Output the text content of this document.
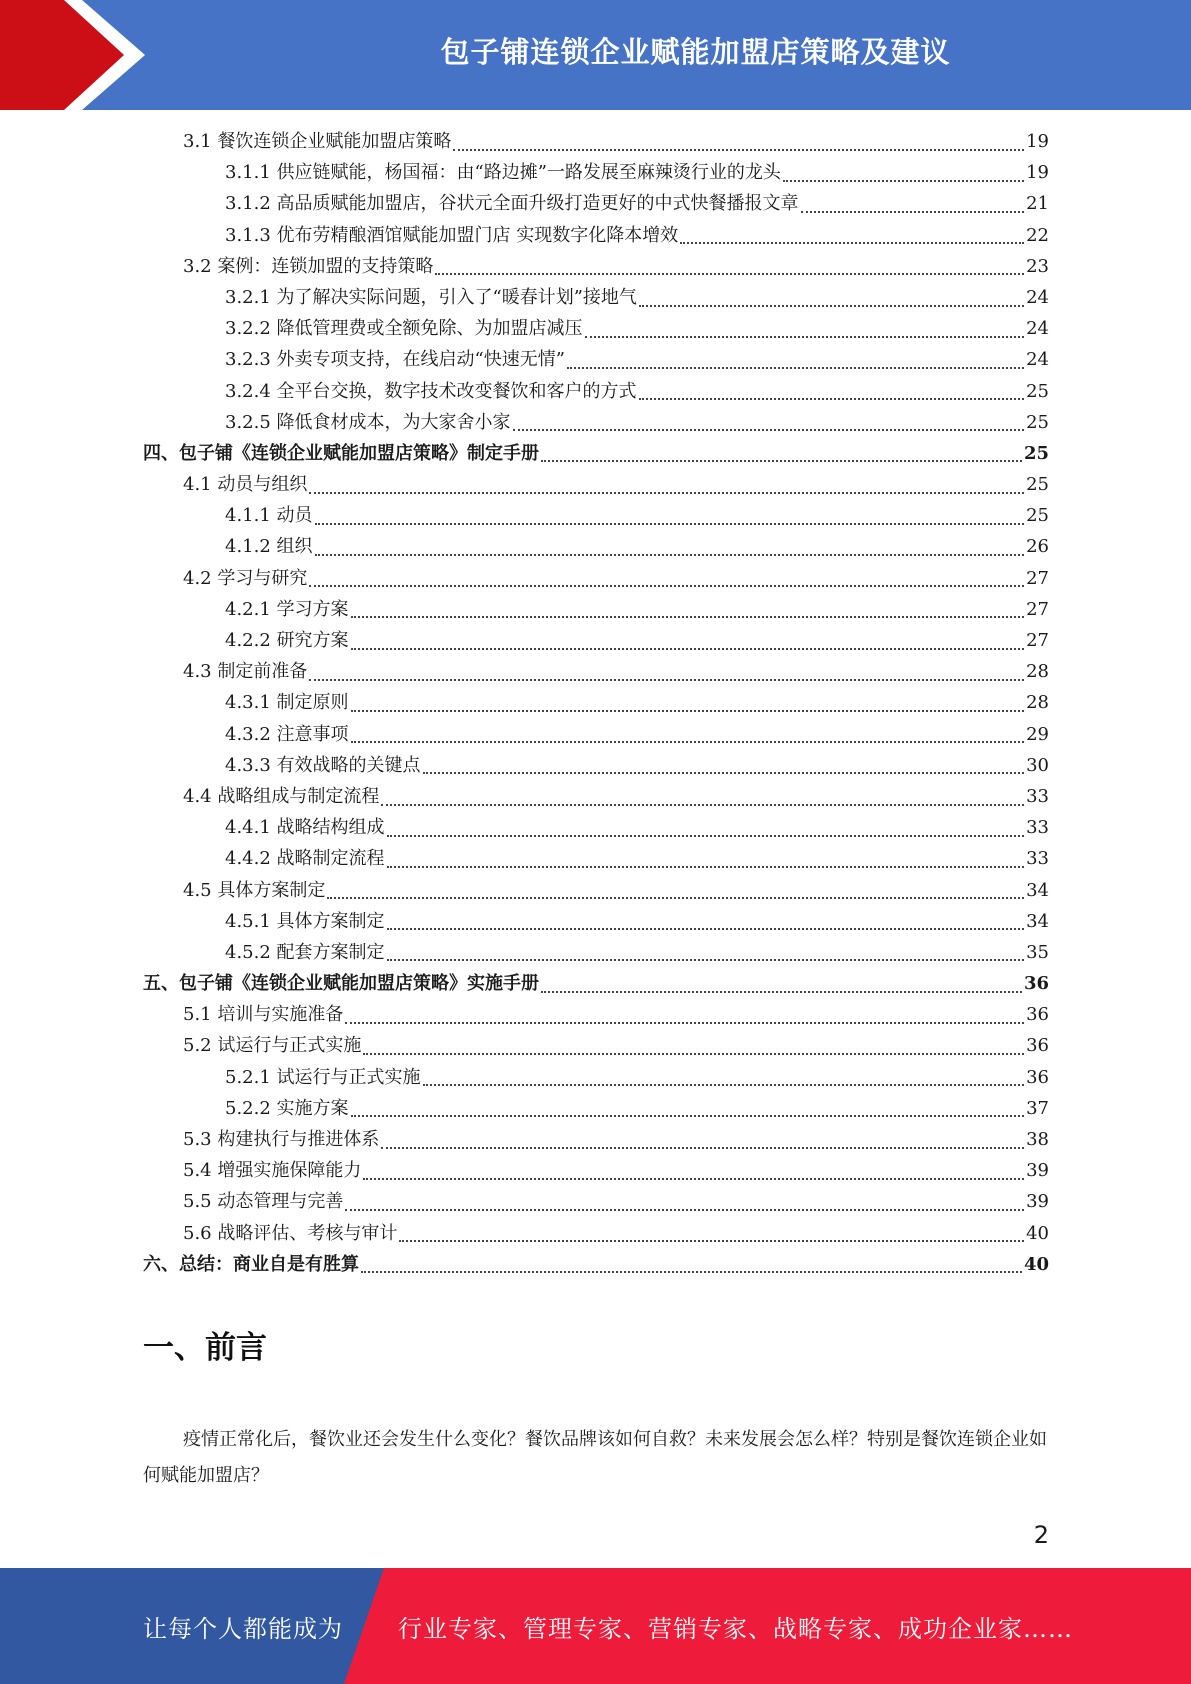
包子铺连锁企业赋能加盟店策略及建议
3.1 餐饮连锁企业赋能加盟店策略	19
3.1.1 供应链赋能，杨国福：由“路边摊”一路发展至麻辣烫行业的龙头	19
3.1.2 高品质赋能加盟店，谷状元全面升级打造更好的中式快餐播报文章	21
3.1.3 优布劳精酿酒馆赋能加盟门店 实现数字化降本增效	22
3.2 案例：连锁加盟的支持策略	23
3.2.1 为了解决实际问题，引入了“暖春计划”接地气	24
3.2.2 降低管理费或全额免除、为加盟店减压	24
3.2.3 外卖专项支持，在线启动“快速无情”	24
3.2.4 全平台交换，数字技术改变餐饮和客户的方式	25
3.2.5 降低食材成本，为大家舍小家	25
四、包子铺《连锁企业赋能加盟店策略》制定手册	25
4.1 动员与组织	25
4.1.1 动员	25
4.1.2 组织	26
4.2 学习与研究	27
4.2.1 学习方案	27
4.2.2 研究方案	27
4.3 制定前准备	28
4.3.1 制定原则	28
4.3.2 注意事项	29
4.3.3 有效战略的关键点	30
4.4 战略组成与制定流程	33
4.4.1 战略结构组成	33
4.4.2 战略制定流程	33
4.5 具体方案制定	34
4.5.1 具体方案制定	34
4.5.2 配套方案制定	35
五、包子铺《连锁企业赋能加盟店策略》实施手册	36
5.1 培训与实施准备	36
5.2 试运行与正式实施	36
5.2.1 试运行与正式实施	36
5.2.2 实施方案	37
5.3 构建执行与推进体系	38
5.4 增强实施保障能力	39
5.5 动态管理与完善	39
5.6 战略评估、考核与审计	40
六、总结：商业自是有胜算	40
一、前言
疫情正常化后，餐饮业还会发生什么变化？餐饮品牌该如何自救？未来发展会怎么样？特别是餐饮连锁企业如何赋能加盟店？
2
让每个人都能成为 行业专家、管理专家、营销专家、战略专家、成功企业家……
